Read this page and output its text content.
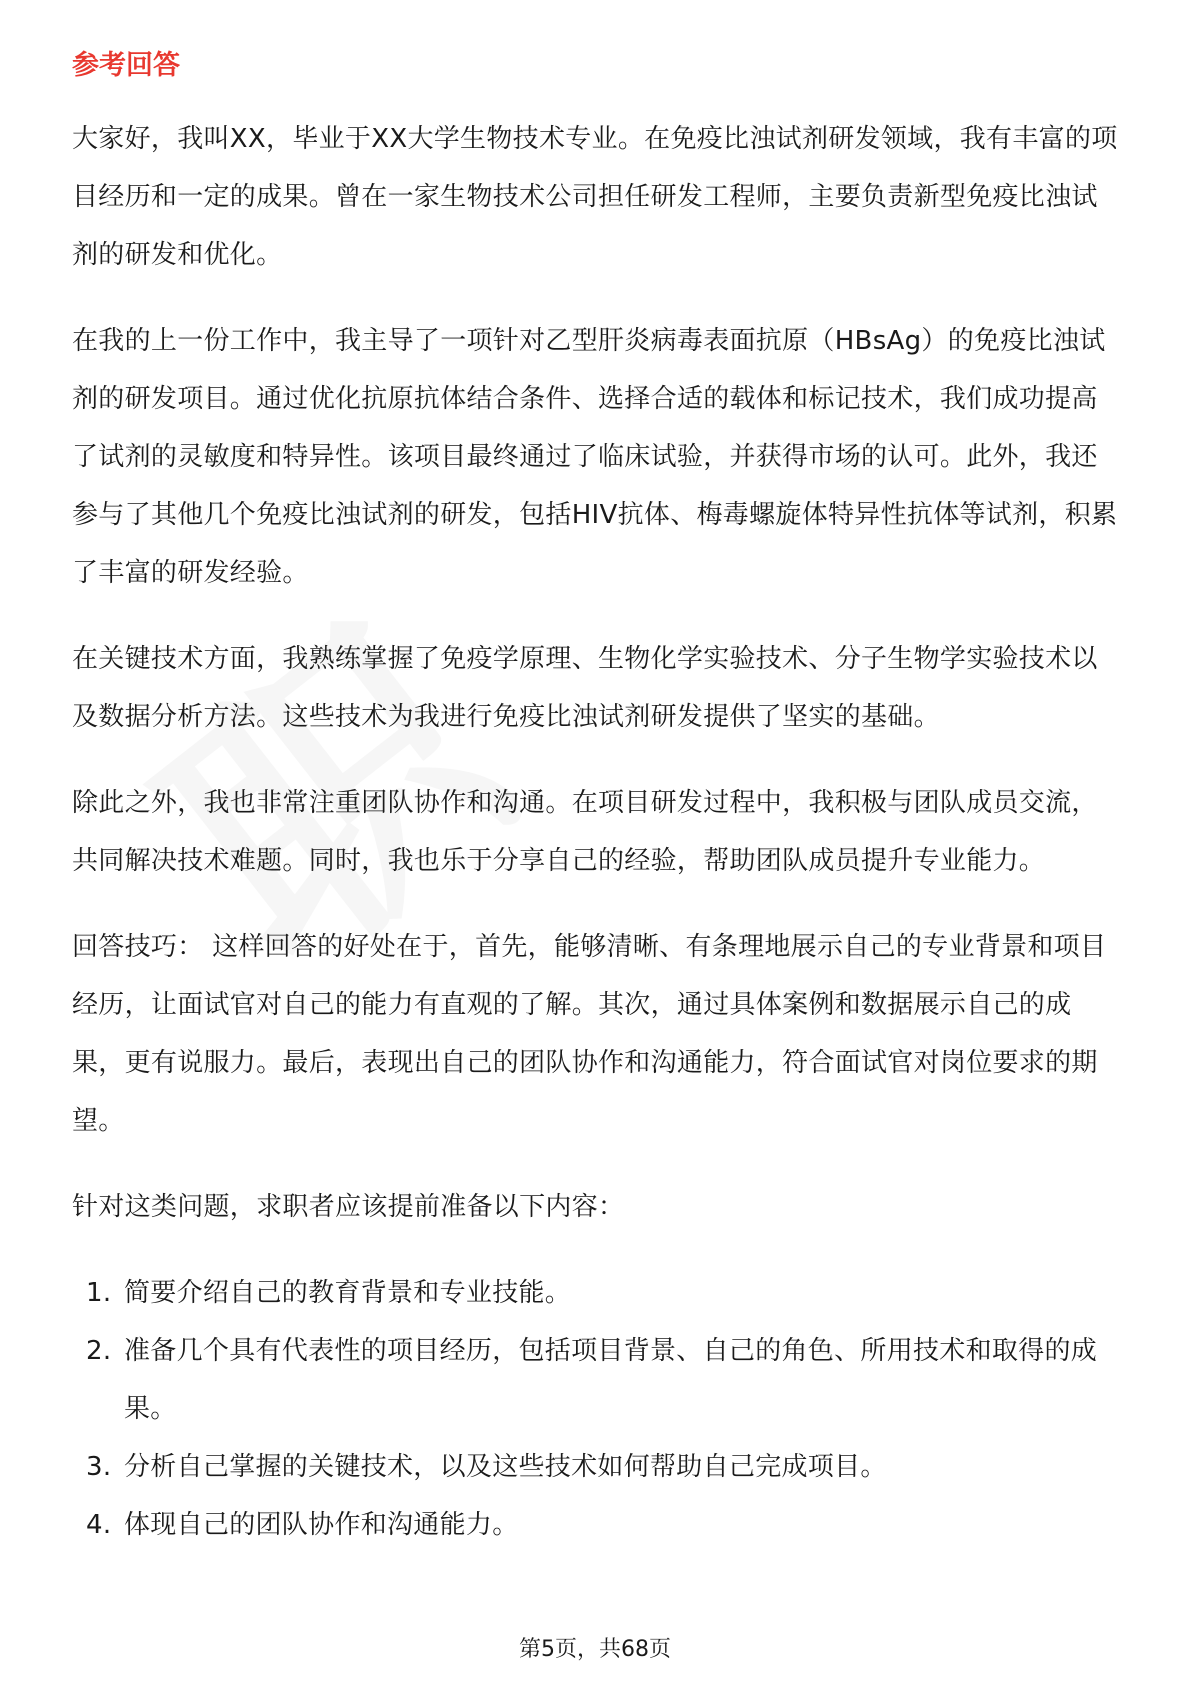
参考回答

大家好，我叫XX，毕业于XX大学生物技术专业。在免疫比浊试剂研发领域，我有丰富的项目经历和一定的成果。曾在一家生物技术公司担任研发工程师，主要负责新型免疫比浊试剂的研发和优化。

在我的上一份工作中，我主导了一项针对乙型肝炎病毒表面抗原（HBsAg）的免疫比浊试剂的研发项目。通过优化抗原抗体结合条件、选择合适的载体和标记技术，我们成功提高了试剂的灵敏度和特异性。该项目最终通过了临床试验，并获得市场的认可。此外，我还参与了其他几个免疫比浊试剂的研发，包括HIV抗体、梅毒螺旋体特异性抗体等试剂，积累了丰富的研发经验。

在关键技术方面，我熟练掌握了免疫学原理、生物化学实验技术、分子生物学实验技术以及数据分析方法。这些技术为我进行免疫比浊试剂研发提供了坚实的基础。

除此之外，我也非常注重团队协作和沟通。在项目研发过程中，我积极与团队成员交流，共同解决技术难题。同时，我也乐于分享自己的经验，帮助团队成员提升专业能力。

回答技巧： 这样回答的好处在于，首先，能够清晰、有条理地展示自己的专业背景和项目经历，让面试官对自己的能力有直观的了解。其次，通过具体案例和数据展示自己的成果，更有说服力。最后，表现出自己的团队协作和沟通能力，符合面试官对岗位要求的期望。

针对这类问题，求职者应该提前准备以下内容：

1. 简要介绍自己的教育背景和专业技能。
2. 准备几个具有代表性的项目经历，包括项目背景、自己的角色、所用技术和取得的成果。
3. 分析自己掌握的关键技术，以及这些技术如何帮助自己完成项目。
4. 体现自己的团队协作和沟通能力。
第5页，共68页
